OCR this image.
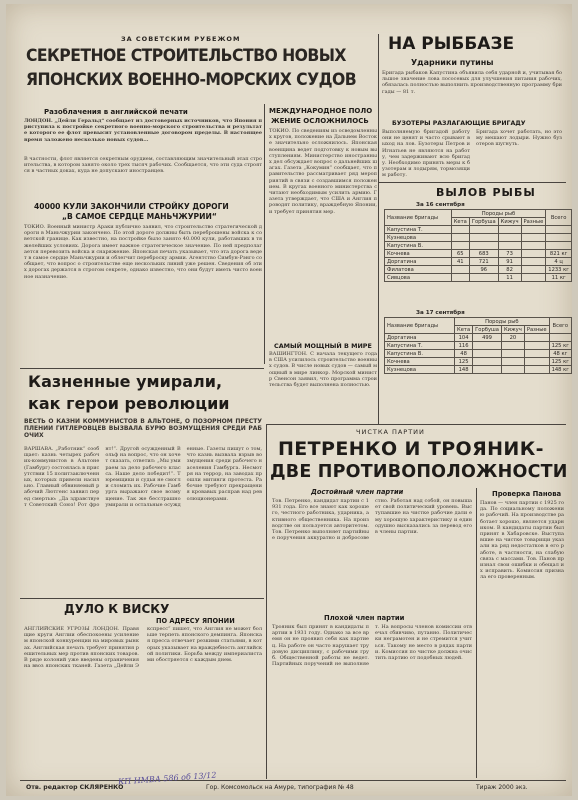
ЗА СОВЕТСКИМ РУБЕЖОМ
СЕКРЕТНОЕ СТРОИТЕЛЬСТВО НОВЫХ
ЯПОНСКИХ ВОЕННО-МОРСКИХ СУДОВ
Разоблачения в английской печати
ЛОНДОН. „Дейли Геральд“ сообщает из достоверных источников, что Япония приступила к постройке секретного военно-морского строительства и результате которого ее флот превысит установленные договором пределы. В настоящее время заложено несколько новых судов...
В частности, флот является секретным орудием, составляющим значительный этап строительства, в котором занято около трех тысяч рабочих. Сообщается, что эти суда строятся в частных доках, куда не допускают иностранцев.
40000 КУЛИ ЗАКОНЧИЛИ СТРОЙКУ ДОРОГИ
„В САМОЕ СЕРДЦЕ МАНЬЧЖУРИИ“
ТОКИО. Военный министр Араки публично заявил, что строительство стратегической дороги в Маньчжурии закончено. По этой дороге должны быть переброшены войска к советской границе. Как известно, на постройке было занято 40.000 кули, работавших в тяжелейших условиях. Дорога имеет важное стратегическое значение. По ней предполагается перевозить войска и снаряжение. Японская печать указывает, что эта дорога ведет в самое сердце Маньчжурии и облегчит переброску армии. Агентство Симбун-Рэнго сообщает, что вопрос о строительстве еще нескольких линий уже решен. Сведения об этих дорогах держатся в строгом секрете, однако известно, что они будут иметь чисто военное назначение.
МЕЖДУНАРОДНОЕ ПОЛО
ЖЕНИЕ ОСЛОЖНИЛОСЬ
ТОКИО. По сведениям из осведомленных кругов, положение на Дальнем Востоке значительно осложнилось. Японская военщина ведет подготовку к новым выступлениям. Министерство иностранных дел обсуждает вопрос о дальнейших шагах. Газета „Кокумин“ сообщает, что правительство рассматривает ряд мероприятий в связи с создавшимся положением. В кругах военного министерства считают необходимым усилить армию. Газета утверждает, что США и Англия проводят политику, враждебную Японии, и требует принятия мер.
САМЫЙ МОЩНЫЙ В МИРЕ
ВАШИНГТОН. С начала текущего года в США усилилось строительство военных судов. В числе новых судов — самый мощный в мире линкор. Морской министр Свенсон заявил, что программа строительства будет выполнена полностью.
Казненные умирали,
как герои революции
ВЕСТЬ О КАЗНИ КОММУНИСТОВ В АЛЬТОНЕ, О ПОЗОРНОМ ПРЕСТУПЛЕНИИ ГИТЛЕРОВЦЕВ ВЫЗВАЛА БУРЮ ВОЗМУЩЕНИЯ СРЕДИ РАБОЧИХ
ВАРШАВА. „Работник“ сообщает: казнь четырех рабочих-коммунистов в Альтоне (Гамбург) состоялась в присутствии 15 политзаключенных, которых привели насильно. Главный обвиняемый рабочий Лютгенс заявил перед смертью: „Да здравствует Советский Союз! Рот фронт!“. Другой осужденный Вольф на вопрос, что он хочет сказать, ответил: „Мы умираем за дело рабочего класса. Наше дело победит!“. Тюремщики и судьи не смогли сломить их. Рабочие Гамбурга выражают свое возмущение. Так же бесстрашно умирали и остальные осужденные. Газеты пишут о том, что казнь вызвала взрыв возмущения среди рабочего населения Гамбурга. Несмотря на террор, на заводах прошли митинги протеста. Рабочие требуют прекращения кровавых расправ над революционерами.
ДУЛО К ВИСКУ
ПО АДРЕСУ ЯПОНИИ
АНГЛИЙСКИЕ УГРОЗЫ ЛОНДОН. Правящие круги Англии обеспокоены усилением японской конкуренции на мировых рынках. Английская печать требует принятия решительных мер против японских товаров. В ряде колоний уже введены ограничения на ввоз японских тканей. Газета „Дейли Экспресс“ пишет, что Англия не может больше терпеть японского демпинга. Японская пресса отвечает резкими статьями, в которых указывает на враждебность английской политики. Борьба между империалистами обостряется с каждым днем.
НА РЫББАЗЕ
Ударники путины
Бригада рыбаков Капустина объявила себя ударной и, учитывая большое значение лова лососевых для улучшения питания рабочих, обязалась полностью выполнить производственную программу бригады — 81 т.
БУЗОТЕРЫ РАЗЛАГАЮЩИЕ БРИГАДУ
Выполняемую бригадой работу они не ценят и часто срывают выход на лов. Бузотеры Петров и Игнатьев не являются на работу, чем задерживают всю бригаду. Необходимо принять меры к бузотерам и лодырям, тормозящим работу.
Бригада хочет работать, но этому мешают лодыри. Нужно бузотеров шугнуть.
ВЫЛОВ РЫБЫ
За 16 сентября
Название бригады	Породы рыб				Всего
	Кета	Горбуша	Кижуч	Разные	
Капустина Т.					
Кузнецова					
Капустина В.					
Кочнева	65	683	73		821 кг
Доргатина	41	721	91		4 ц
Филатова		96	82		1233 кг
Сивцова			11		11 кг
За 17 сентября
Название бригады	Породы рыб				Всего
	Кета	Горбуша	Кижуч	Разные	
Доргатина	104	499	20		
Капустина Т.	116				125 кг
Капустина В.	48				48 кг
Кочнева	125				125 кг
Кузнецова	148				148 кг
ЧИСТКА ПАРТИИ
ПЕТРЕНКО И ТРОЯНИК-
ДВЕ ПРОТИВОПОЛОЖНОСТИ
Достойный член партии
Тов. Петренко, кандидат партии с 1931 года. Его все знают как хорошего, честного работника, ударника, активного общественника. На производстве он пользуется авторитетом. Тов. Петренко выполняет партийные поручения аккуратно и добросовестно. Работая над собой, он повышает свой политический уровень. Выступавшие на чистке рабочие дали ему хорошую характеристику и единодушно высказались за перевод его в члены партии.
Плохой член партии
Трояник был принят в кандидаты партии в 1931 году. Однако за все время он не проявил себя как партиец. На работе он часто нарушает трудовую дисциплину, с рабочими груб. Общественной работы не ведет. Партийных поручений не выполняет. На вопросы членов комиссии отвечал сбивчиво, путанно. Политически неграмотен и не стремится учиться. Такому не место в рядах партии. Комиссия по чистке должна очистить партию от подобных людей.
Проверка Панова
Панов — член партии с 1925 года. По социальному положению рабочий. На производстве работает хорошо, является ударником. В кандидаты партии был принят в Хабаровске. Выступавшие на чистке товарищи указали на ряд недостатков в его работе, в частности, на слабую связь с массами. Тов. Панов признал свои ошибки и обещал их исправить. Комиссия признала его проверенным.
Отв. редактор СКЛЯРЕНКО	Гор. Комсомольск на Амуре, типография № 48	Тираж 2000 экз.
КП НМВА 586 об 13/12
